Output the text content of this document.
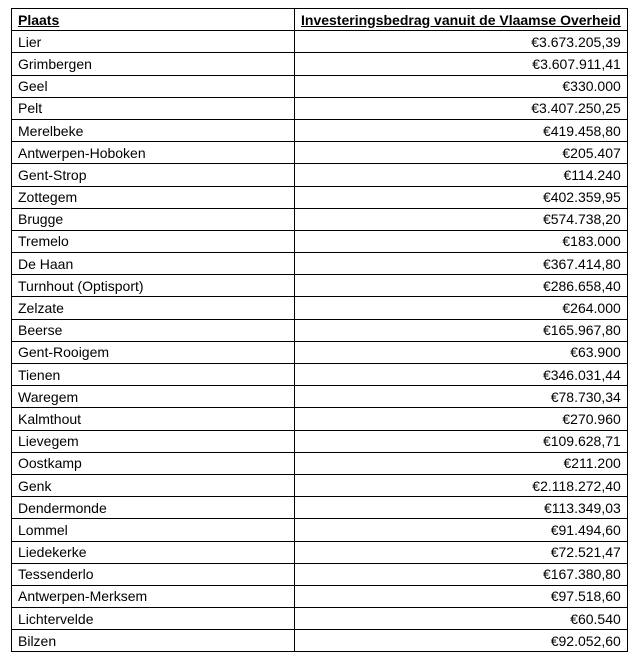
Plaats	Investeringsbedrag vanuit de Vlaamse Overheid
Lier	€3.673.205,39
Grimbergen	€3.607.911,41
Geel	€330.000
Pelt	€3.407.250,25
Merelbeke	€419.458,80
Antwerpen-Hoboken	€205.407
Gent-Strop	€114.240
Zottegem	€402.359,95
Brugge	€574.738,20
Tremelo	€183.000
De Haan	€367.414,80
Turnhout (Optisport)	€286.658,40
Zelzate	€264.000
Beerse	€165.967,80
Gent-Rooigem	€63.900
Tienen	€346.031,44
Waregem	€78.730,34
Kalmthout	€270.960
Lievegem	€109.628,71
Oostkamp	€211.200
Genk	€2.118.272,40
Dendermonde	€113.349,03
Lommel	€91.494,60
Liedekerke	€72.521,47
Tessenderlo	€167.380,80
Antwerpen-Merksem	€97.518,60
Lichtervelde	€60.540
Bilzen	€92.052,60
